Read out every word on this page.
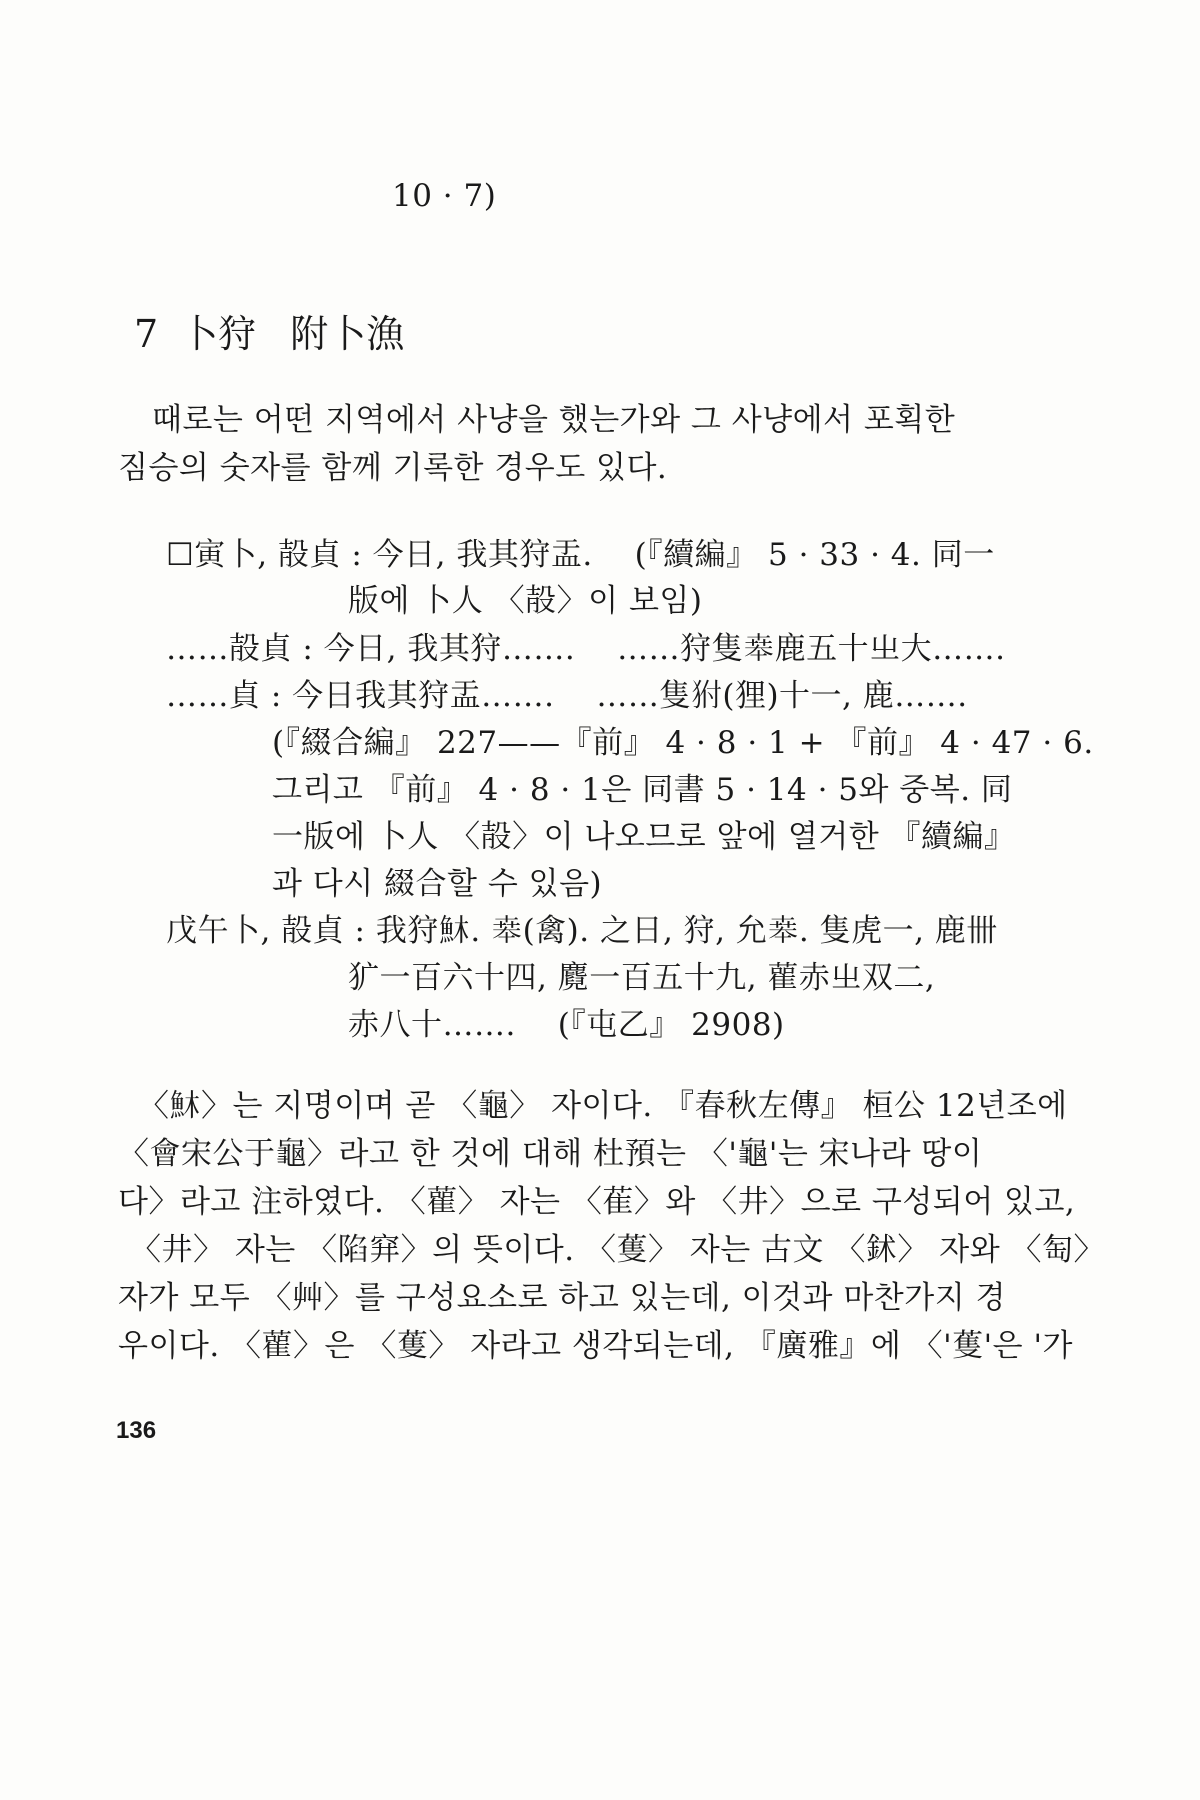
10 · 7)
7 卜狩 附卜漁
때로는 어떤 지역에서 사냥을 했는가와 그 사냥에서 포획한
짐승의 숫자를 함께 기록한 경우도 있다.
☐寅卜, 㱿貞 : 今日, 我其狩盂.　 (『續編』 5 · 33 · 4. 同一
版에 卜人 〈㱿〉이 보임)
……㱿貞 : 今日, 我其狩…….　 ……狩隻𠦪鹿五十㞢大…….
……貞 : 今日我其狩盂…….　 ……隻𤝔(狸)十一, 鹿…….
(『綴合編』 227——『前』 4 · 8 · 1 + 『前』 4 · 47 · 6.
그리고 『前』 4 · 8 · 1은 同書 5 · 14 · 5와 중복. 同
一版에 卜人 〈㱿〉이 나오므로 앞에 열거한 『續編』
과 다시 綴合할 수 있음)
戊午卜, 㱿貞 : 我狩𩵦. 𠦪(禽). 之日, 狩, 允𠦪. 隻虎一, 鹿卌
犷一百六十四, 麑一百五十九, 雚赤㞢双二,
赤八十…….　 (『屯乙』 2908)
〈𩵦〉는 지명이며 곧 〈龜〉 자이다. 『春秋左傳』 桓公 12년조에
〈會宋公于龜〉라고 한 것에 대해 杜預는 〈'龜'는 宋나라 땅이
다〉라고 注하였다. 〈雚〉 자는 〈萑〉와 〈井〉으로 구성되어 있고,
〈井〉 자는 〈陷穽〉의 뜻이다. 〈蒦〉 자는 古文 〈鉥〉 자와 〈匋〉
자가 모두 〈艸〉를 구성요소로 하고 있는데, 이것과 마찬가지 경
우이다. 〈雚〉은 〈蒦〉 자라고 생각되는데, 『廣雅』에 〈'蒦'은 '가
136
